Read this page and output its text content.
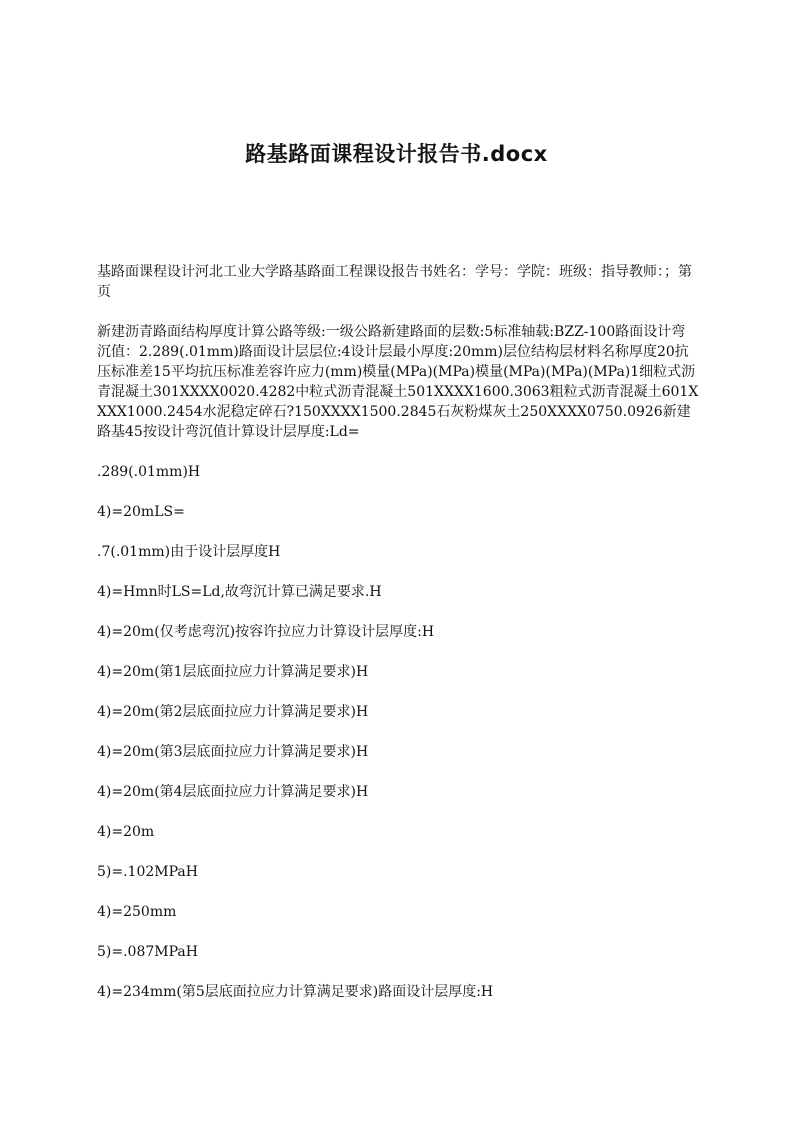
路基路面课程设计报告书.docx

基路面课程设计河北工业大学路基路面工程课设报告书姓名：学号：学院：班级：指导教师：；第页

新建沥青路面结构厚度计算公路等级:一级公路新建路面的层数:5标准轴载:BZZ-100路面设计弯沉值：2.289(.01mm)路面设计层层位:4设计层最小厚度:20mm)层位结构层材料名称厚度20抗压标准差15平均抗压标准差容许应力(mm)模量(MPa)(MPa)模量(MPa)(MPa)(MPa)1细粒式沥青混凝土301XXXX0020.4282中粒式沥青混凝土501XXXX1600.3063粗粒式沥青混凝土601XXXX1000.2454水泥稳定碎石?150XXXX1500.2845石灰粉煤灰土250XXXX0750.0926新建路基45按设计弯沉值计算设计层厚度:Ld=

.289(.01mm)H

4)=20mLS=

.7(.01mm)由于设计层厚度H

4)=Hmn时LS=Ld,故弯沉计算已满足要求.H

4)=20m(仅考虑弯沉)按容许拉应力计算设计层厚度:H

4)=20m(第1层底面拉应力计算满足要求)H

4)=20m(第2层底面拉应力计算满足要求)H

4)=20m(第3层底面拉应力计算满足要求)H

4)=20m(第4层底面拉应力计算满足要求)H

4)=20m

5)=.102MPaH

4)=250mm

5)=.087MPaH

4)=234mm(第5层底面拉应力计算满足要求)路面设计层厚度:H
